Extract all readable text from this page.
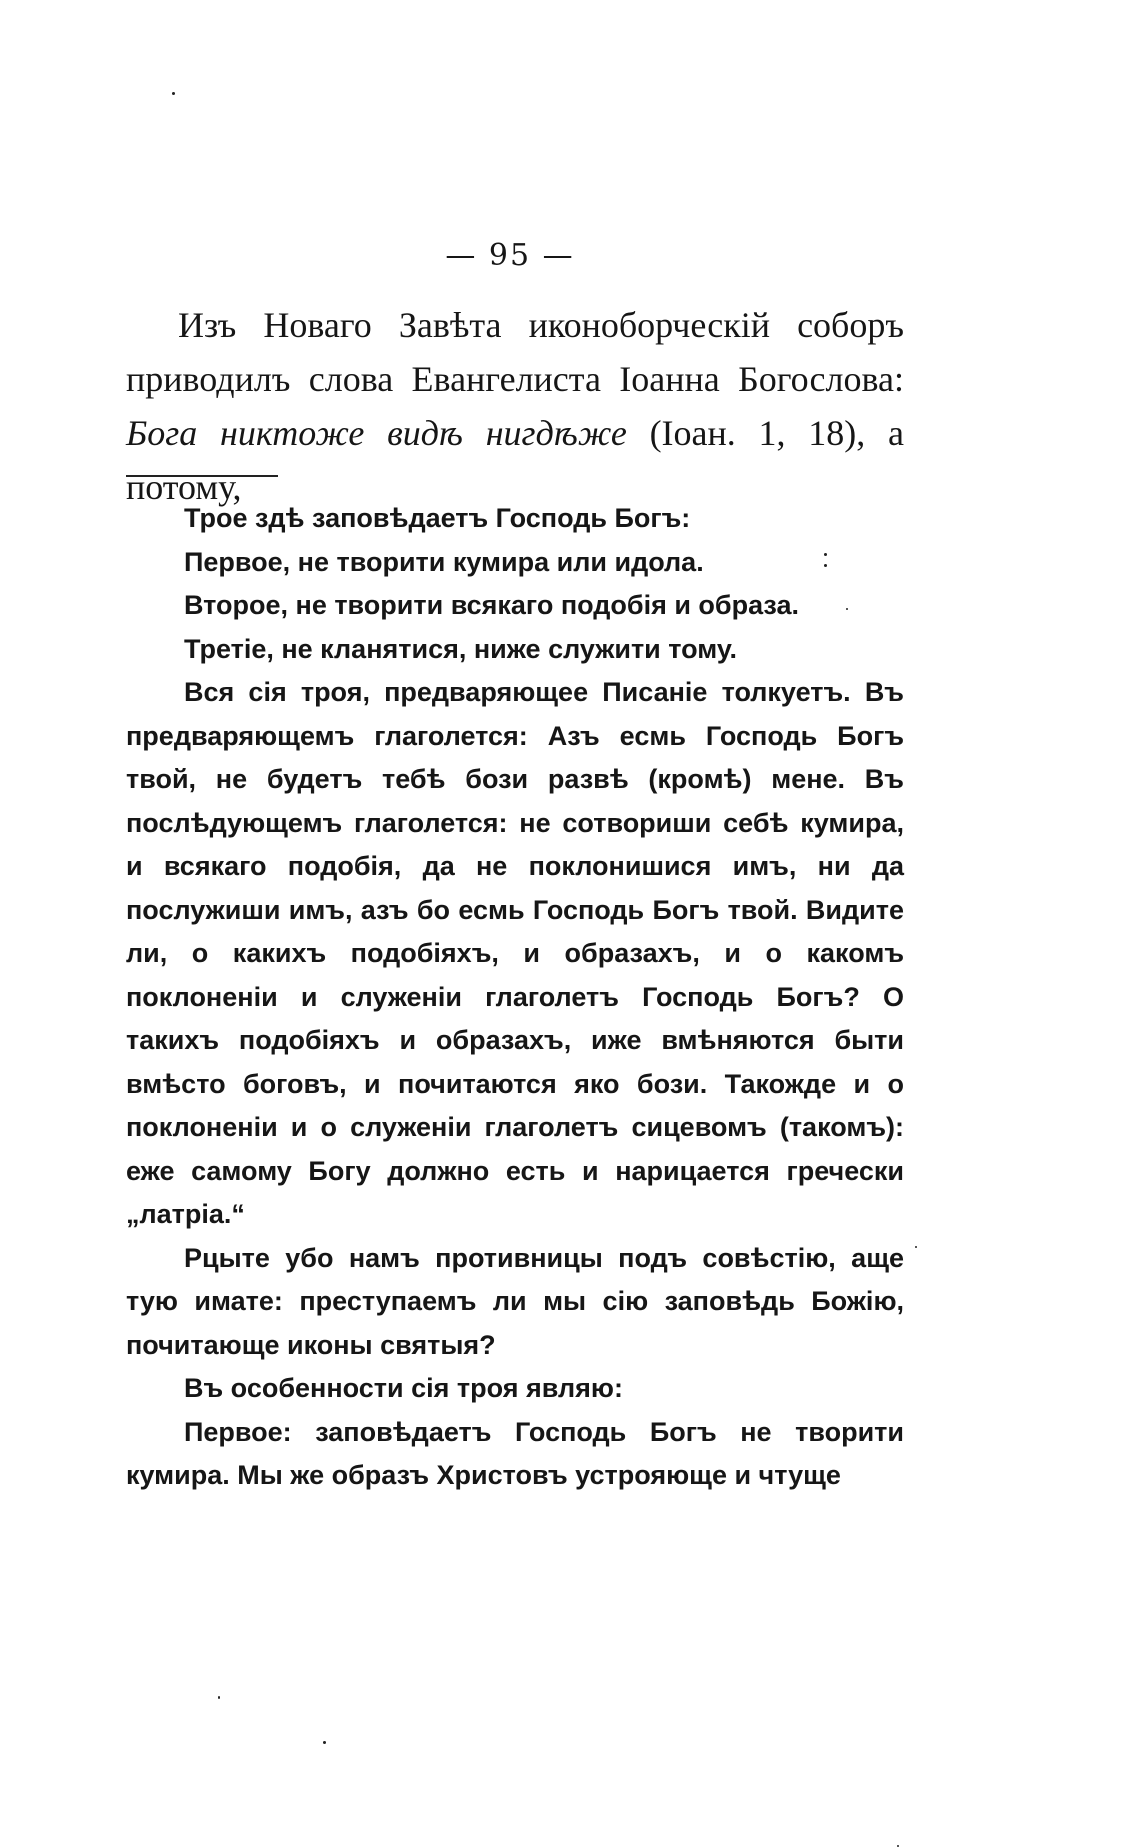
— 95 —

Изъ Новаго Завѣта иконоборческій соборъ приводилъ слова Евангелиста Іоанна Богослова: Бога никтоже видѣ нигдѣже (Іоан. 1, 18), а потому,

Трое здѣ заповѣдаетъ Господь Богъ:

Первое, не творити кумира или идола.

Второе, не творити всякаго подобія и образа.

Третіе, не кланятися, ниже служити тому.

Вся сія троя, предваряющее Писаніе толкуетъ. Въ предваряющемъ глаголется: Азъ есмь Господь Богъ твой, не будетъ тебѣ бози развѣ (кромѣ) мене. Въ послѣдующемъ глаголется: не сотвориши себѣ кумира, и всякаго подобія, да не поклонишися имъ, ни да послужиши имъ, азъ бо есмь Господь Богъ твой. Видите ли, о какихъ подобіяхъ, и образахъ, и о какомъ поклоненіи и служеніи глаголетъ Господь Богъ? О такихъ подобіяхъ и образахъ, иже вмѣняются быти вмѣсто боговъ, и почитаются яко бози. Такожде и о поклоненіи и о служеніи глаголетъ сицевомъ (такомъ): еже самому Богу должно есть и нарицается гречески „латріа.“

Рцыте убо намъ противницы подъ совѣстію, аще тую имате: преступаемъ ли мы сію заповѣдь Божію, почитающе иконы святыя?

Въ особенности сія троя являю:

Первое: заповѣдаетъ Господь Богъ не творити кумира. Мы же образъ Христовъ устрояюще и чтуще
